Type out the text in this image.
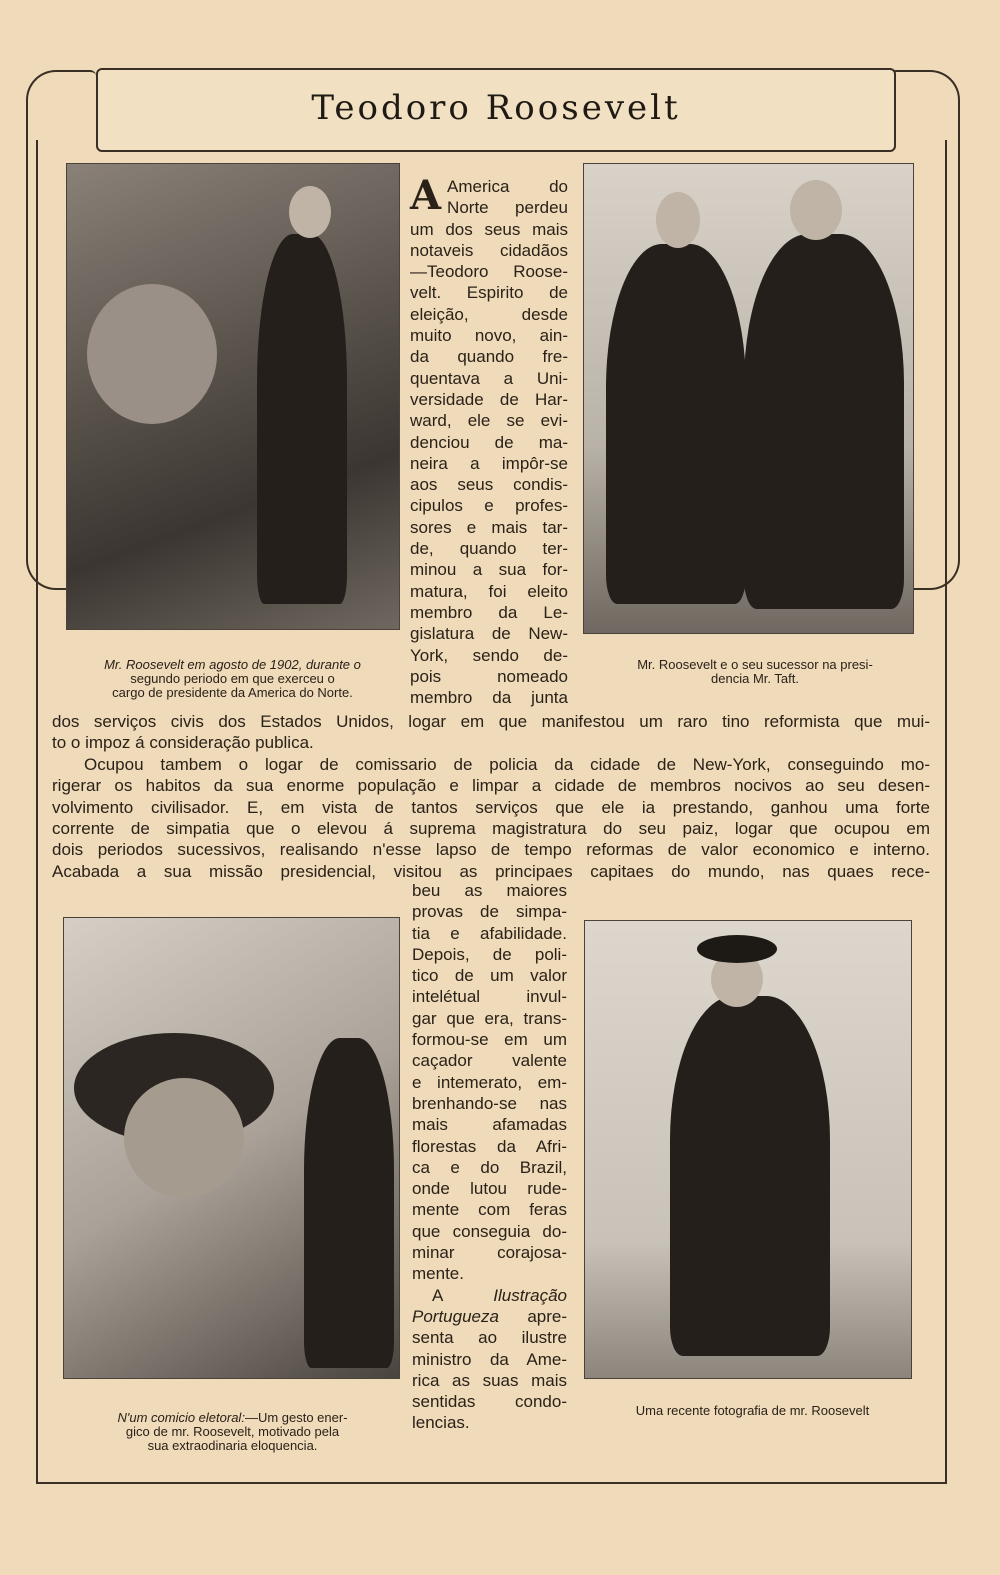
Teodoro Roosevelt
Mr. Roosevelt em agosto de 1902, durante o
segundo periodo em que exerceu o
cargo de presidente da America do Norte.
Mr. Roosevelt e o seu sucessor na presi-
dencia Mr. Taft.
N'um comicio eletoral:—Um gesto ener-
gico de mr. Roosevelt, motivado pela
sua extraodinaria eloquencia.
Uma recente fotografia de mr. Roosevelt
A America do
Norte perdeu
um dos seus mais
notaveis cidadãos
—Teodoro Roose-
velt. Espirito de
eleição, desde
muito novo, ain-
da quando fre-
quentava a Uni-
versidade de Har-
ward, ele se evi-
denciou de ma-
neira a impôr-se
aos seus condis-
cipulos e profes-
sores e mais tar-
de, quando ter-
minou a sua for-
matura, foi eleito
membro da Le-
gislatura de New-
York, sendo de-
pois nomeado
membro da junta
dos serviços civis dos Estados Unidos, logar em que manifestou um raro tino reformista que mui-
to o impoz á consideração publica.
Ocupou tambem o logar de comissario de policia da cidade de New-York, conseguindo mo-
rigerar os habitos da sua enorme população e limpar a cidade de membros nocivos ao seu desen-
volvimento civilisador. E, em vista de tantos serviços que ele ia prestando, ganhou uma forte
corrente de simpatia que o elevou á suprema magistratura do seu paiz, logar que ocupou em
dois periodos sucessivos, realisando n'esse lapso de tempo reformas de valor economico e interno.
Acabada a sua missão presidencial, visitou as principaes capitaes do mundo, nas quaes rece-
beu as maiores
provas de simpa-
tia e afabilidade.
Depois, de poli-
tico de um valor
intelétual invul-
gar que era, trans-
formou-se em um
caçador valente
e intemerato, em-
brenhando-se nas
mais afamadas
florestas da Afri-
ca e do Brazil,
onde lutou rude-
mente com feras
que conseguia do-
minar corajosa-
mente.
A	Ilustração
Portugueza apre-
senta ao ilustre
ministro da Ame-
rica as suas mais
sentidas condo-
lencias.
